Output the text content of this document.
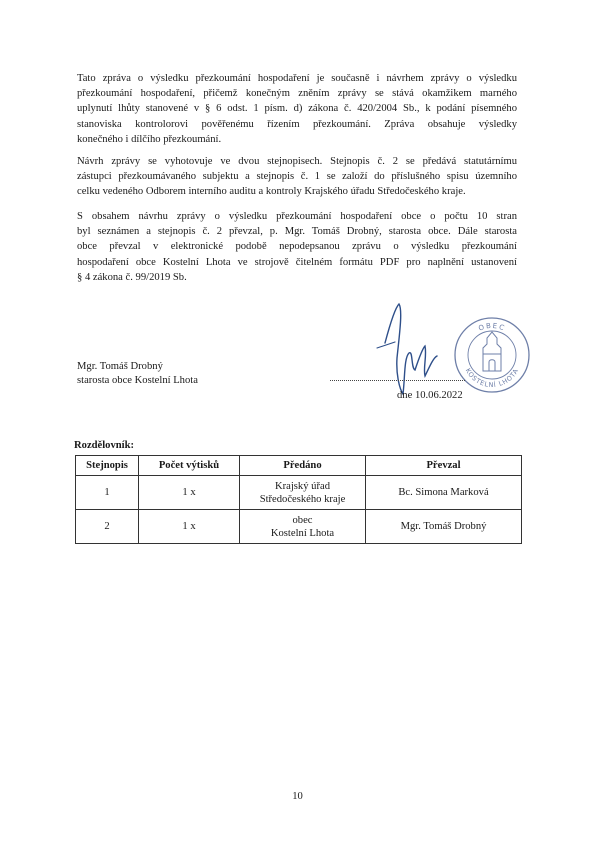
Tato zpráva o výsledku přezkoumání hospodaření je současně i návrhem zprávy o výsledku
přezkoumání hospodaření, přičemž konečným zněním zprávy se stává okamžikem marného
uplynutí lhůty stanovené v § 6 odst. 1 písm. d) zákona č. 420/2004 Sb., k podání písemného
stanoviska kontrolorovi pověřenému řízením přezkoumání. Zpráva obsahuje výsledky
konečného i dílčího přezkoumání.
Návrh zprávy se vyhotovuje ve dvou stejnopisech. Stejnopis č. 2 se předává statutárnímu
zástupci přezkoumávaného subjektu a stejnopis č. 1 se založí do příslušného spisu územního
celku vedeného Odborem interního auditu a kontroly Krajského úřadu Středočeského kraje.
S obsahem návrhu zprávy o výsledku přezkoumání hospodaření obce o počtu 10 stran
byl seznámen a stejnopis č. 2 převzal, p. Mgr. Tomáš Drobný, starosta obce. Dále starosta
obce převzal v elektronické podobě nepodepsanou zprávu o výsledku přezkoumání
hospodaření obce Kostelní Lhota ve strojově čitelném formátu PDF pro naplnění ustanovení
§ 4 zákona č. 99/2019 Sb.
Mgr. Tomáš Drobný
starosta obce Kostelní Lhota
OBEC
KOSTELNÍ LHOTA
dne 10.06.2022
Rozdělovník:
Stejnopis	Počet výtisků	Předáno	Převzal
1	1 x	Krajský úřad
Středočeského kraje	Bc. Simona Marková
2	1 x	obec
Kostelní Lhota	Mgr. Tomáš Drobný
10
